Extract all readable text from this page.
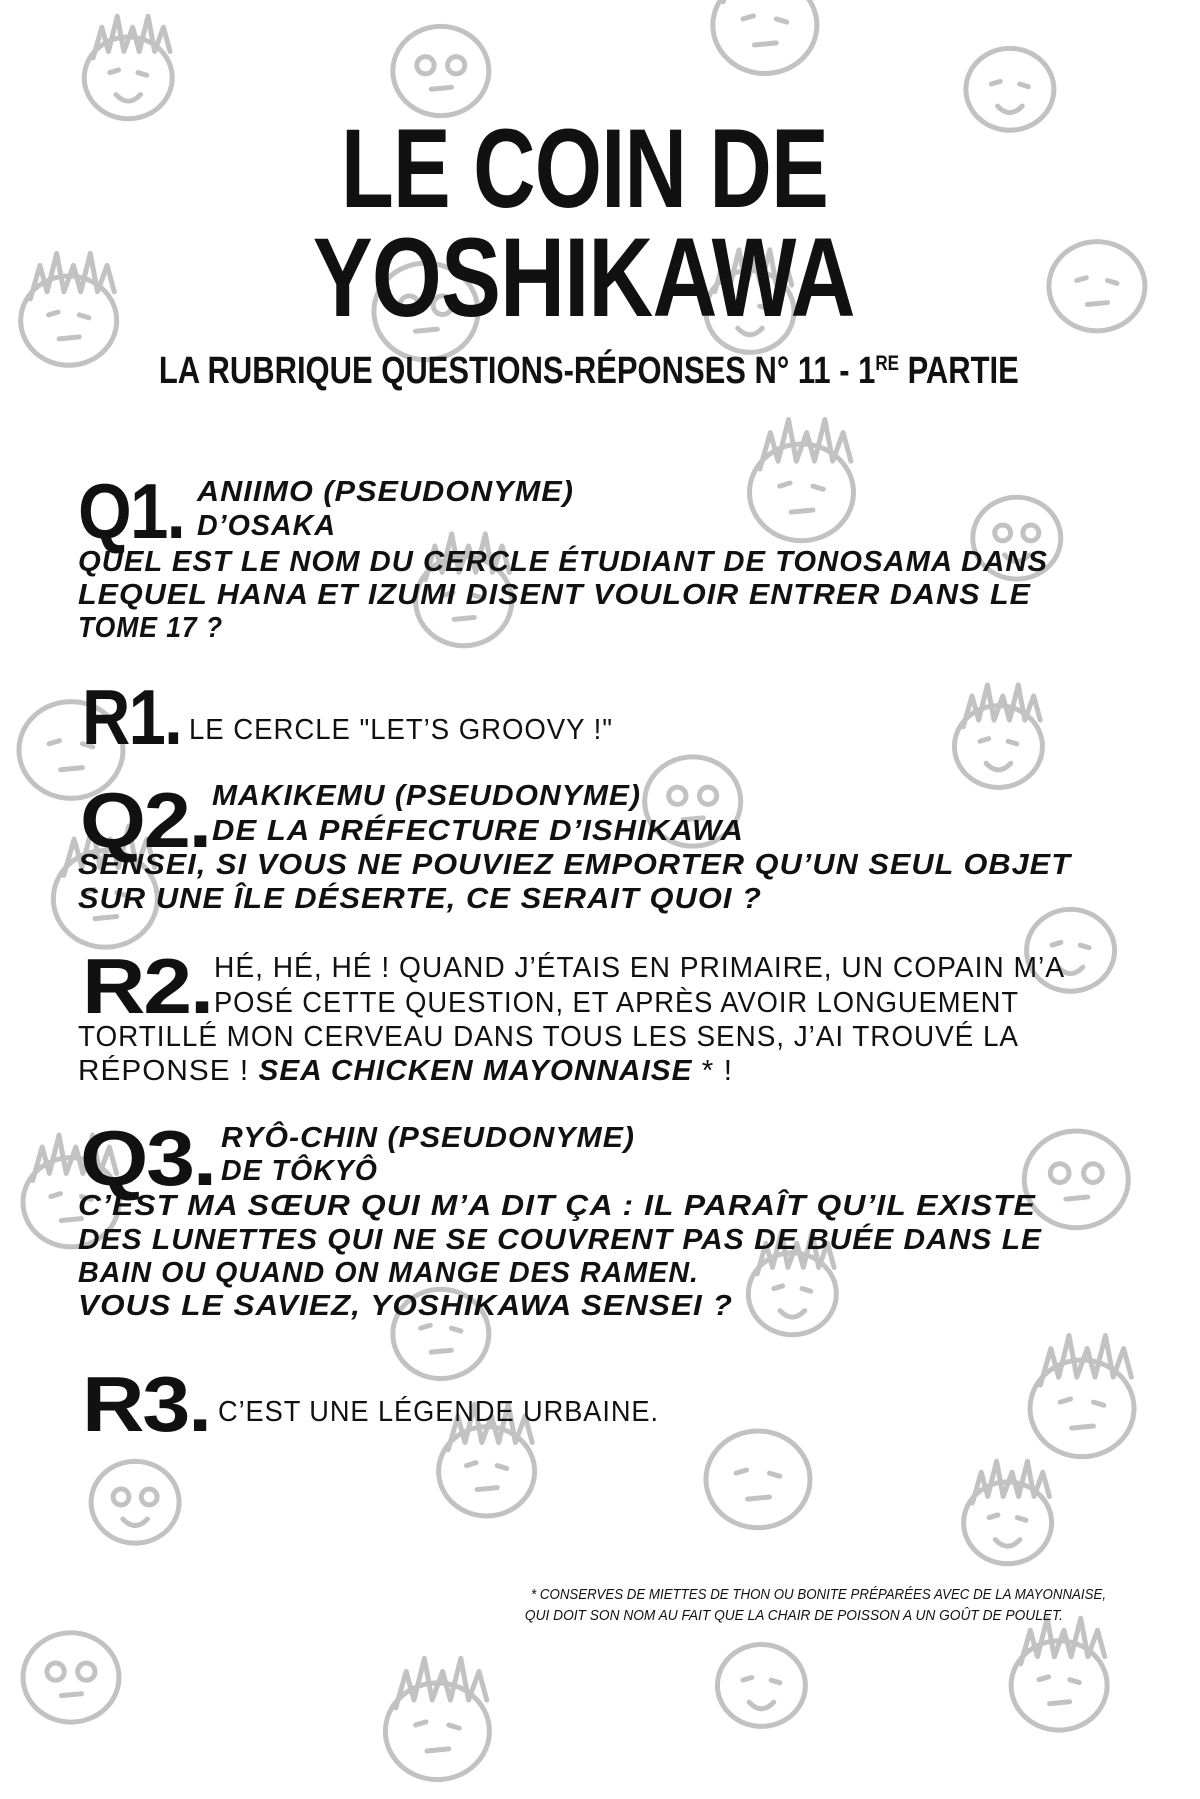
LE COIN DE
YOSHIKAWA
LA RUBRIQUE QUESTIONS-RÉPONSES N° 11 - 1RE PARTIE
Q1. ANIIMO (PSEUDONYME)
D’OSAKA
QUEL EST LE NOM DU CERCLE ÉTUDIANT DE TONOSAMA DANS
LEQUEL HANA ET IZUMI DISENT VOULOIR ENTRER DANS LE
TOME 17 ?
R1. LE CERCLE "LET’S GROOVY !"
Q2. MAKIKEMU (PSEUDONYME)
DE LA PRÉFECTURE D’ISHIKAWA
SENSEI, SI VOUS NE POUVIEZ EMPORTER QU’UN SEUL OBJET
SUR UNE ÎLE DÉSERTE, CE SERAIT QUOI ?
R2. HÉ, HÉ, HÉ ! QUAND J’ÉTAIS EN PRIMAIRE, UN COPAIN M’A
POSÉ CETTE QUESTION, ET APRÈS AVOIR LONGUEMENT
TORTILLÉ MON CERVEAU DANS TOUS LES SENS, J’AI TROUVÉ LA
RÉPONSE ! SEA CHICKEN MAYONNAISE * !
Q3. RYÔ-CHIN (PSEUDONYME)
DE TÔKYÔ
C’EST MA SŒUR QUI M’A DIT ÇA : IL PARAÎT QU’IL EXISTE
DES LUNETTES QUI NE SE COUVRENT PAS DE BUÉE DANS LE
BAIN OU QUAND ON MANGE DES RAMEN.
VOUS LE SAVIEZ, YOSHIKAWA SENSEI ?
R3. C’EST UNE LÉGENDE URBAINE.
* CONSERVES DE MIETTES DE THON OU BONITE PRÉPARÉES AVEC DE LA MAYONNAISE,
QUI DOIT SON NOM AU FAIT QUE LA CHAIR DE POISSON A UN GOÛT DE POULET.
